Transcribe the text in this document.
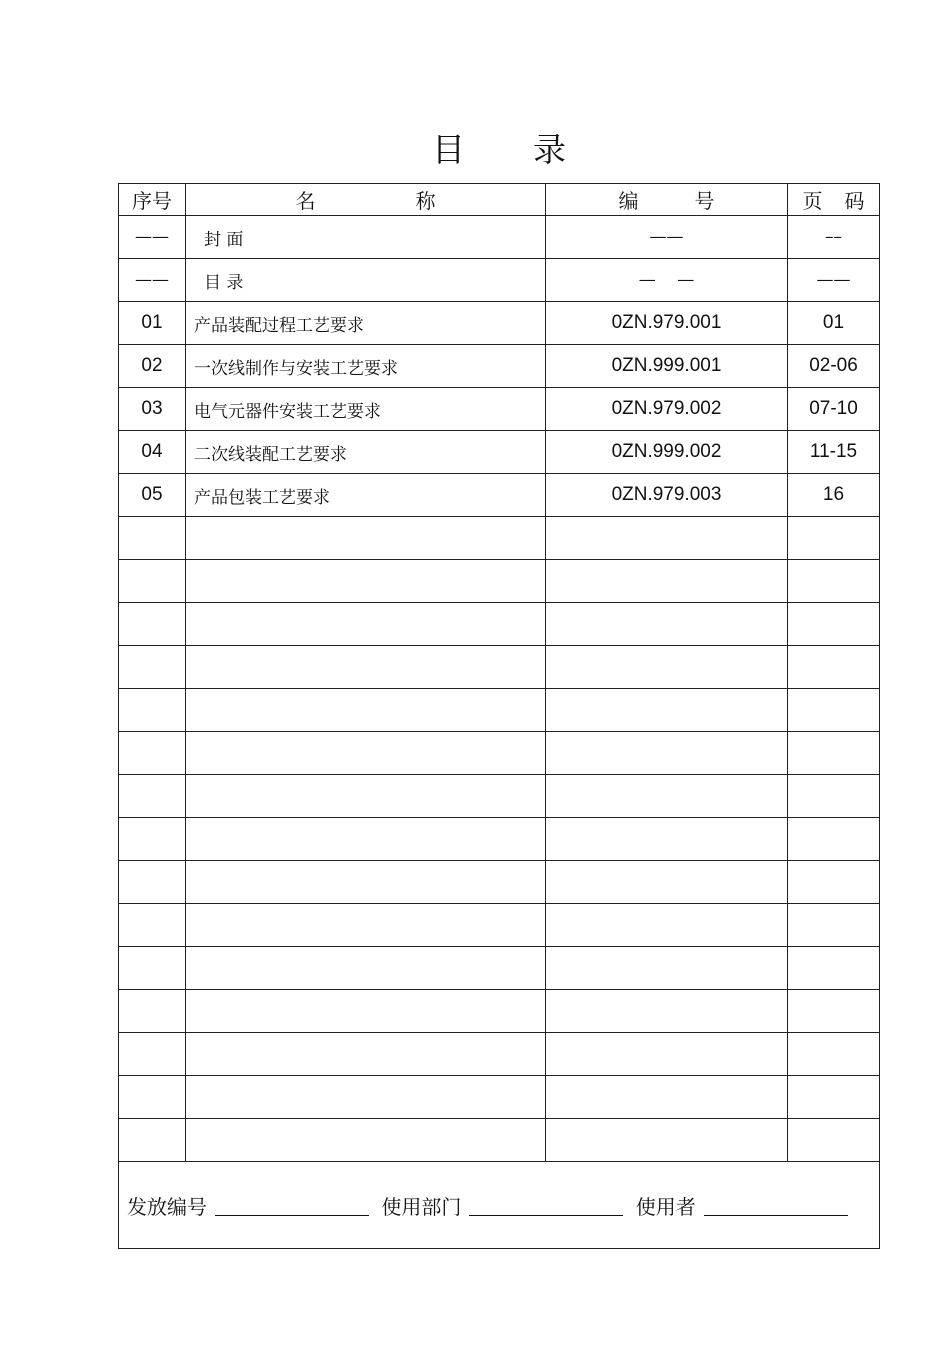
目 录
序号	名 称	编 号	页 码
——	封 面	——	––
——	目 录	—    —	——
01	产品装配过程工艺要求	0ZN.979.001	01
02	一次线制作与安装工艺要求	0ZN.999.001	02-06
03	电气元器件安装工艺要求	0ZN.979.002	07-10
04	二次线装配工艺要求	0ZN.999.002	11-15
05	产品包装工艺要求	0ZN.979.003	16

发放编号 使用部门 使用者			
